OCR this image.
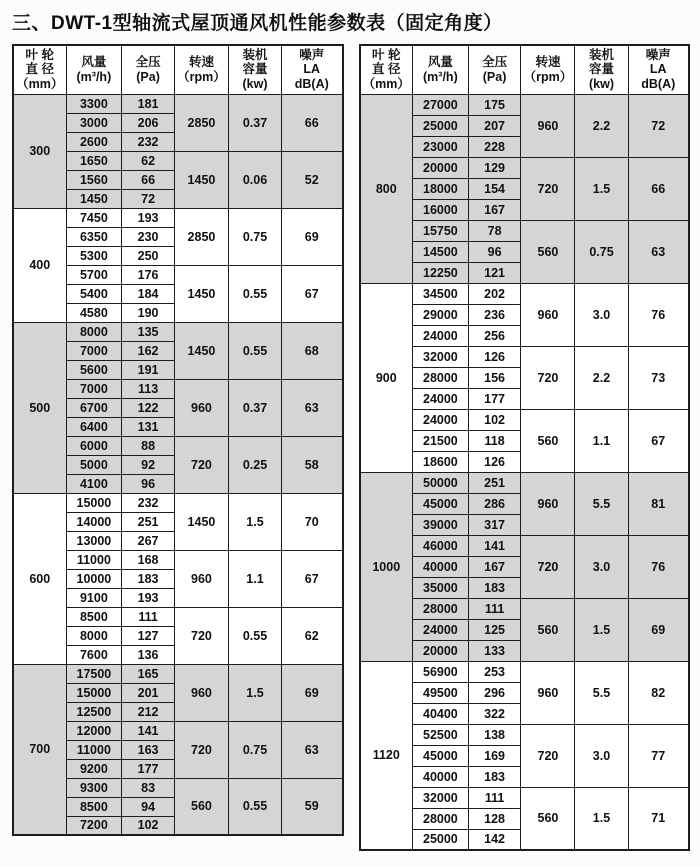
三、DWT-1型轴流式屋顶通风机性能参数表（固定角度）
叶 轮
直 径
（mm）	风量
(m³/h)	全压
(Pa)	转速
（rpm）	装机
容量
(kw)	噪声
LA
dB(A)
300	3300	181	2850	0.37	66
	3000	206			
	2600	232			
	1650	62	1450	0.06	52
	1560	66			
	1450	72			
400	7450	193	2850	0.75	69
	6350	230			
	5300	250			
	5700	176	1450	0.55	67
	5400	184			
	4580	190			
500	8000	135	1450	0.55	68
	7000	162			
	5600	191			
	7000	113	960	0.37	63
	6700	122			
	6400	131			
	6000	88	720	0.25	58
	5000	92			
	4100	96			
600	15000	232	1450	1.5	70
	14000	251			
	13000	267			
	11000	168	960	1.1	67
	10000	183			
	9100	193			
	8500	111	720	0.55	62
	8000	127			
	7600	136			
700	17500	165	960	1.5	69
	15000	201			
	12500	212			
	12000	141	720	0.75	63
	11000	163			
	9200	177			
	9300	83	560	0.55	59
	8500	94			
	7200	102			
叶 轮
直 径
（mm）	风量
(m³/h)	全压
(Pa)	转速
（rpm）	装机
容量
(kw)	噪声
LA
dB(A)
800	27000	175	960	2.2	72
	25000	207			
	23000	228			
	20000	129	720	1.5	66
	18000	154			
	16000	167			
	15750	78	560	0.75	63
	14500	96			
	12250	121			
900	34500	202	960	3.0	76
	29000	236			
	24000	256			
	32000	126	720	2.2	73
	28000	156			
	24000	177			
	24000	102	560	1.1	67
	21500	118			
	18600	126			
1000	50000	251	960	5.5	81
	45000	286			
	39000	317			
	46000	141	720	3.0	76
	40000	167			
	35000	183			
	28000	111	560	1.5	69
	24000	125			
	20000	133			
1120	56900	253	960	5.5	82
	49500	296			
	40400	322			
	52500	138	720	3.0	77
	45000	169			
	40000	183			
	32000	111	560	1.5	71
	28000	128			
	25000	142			
